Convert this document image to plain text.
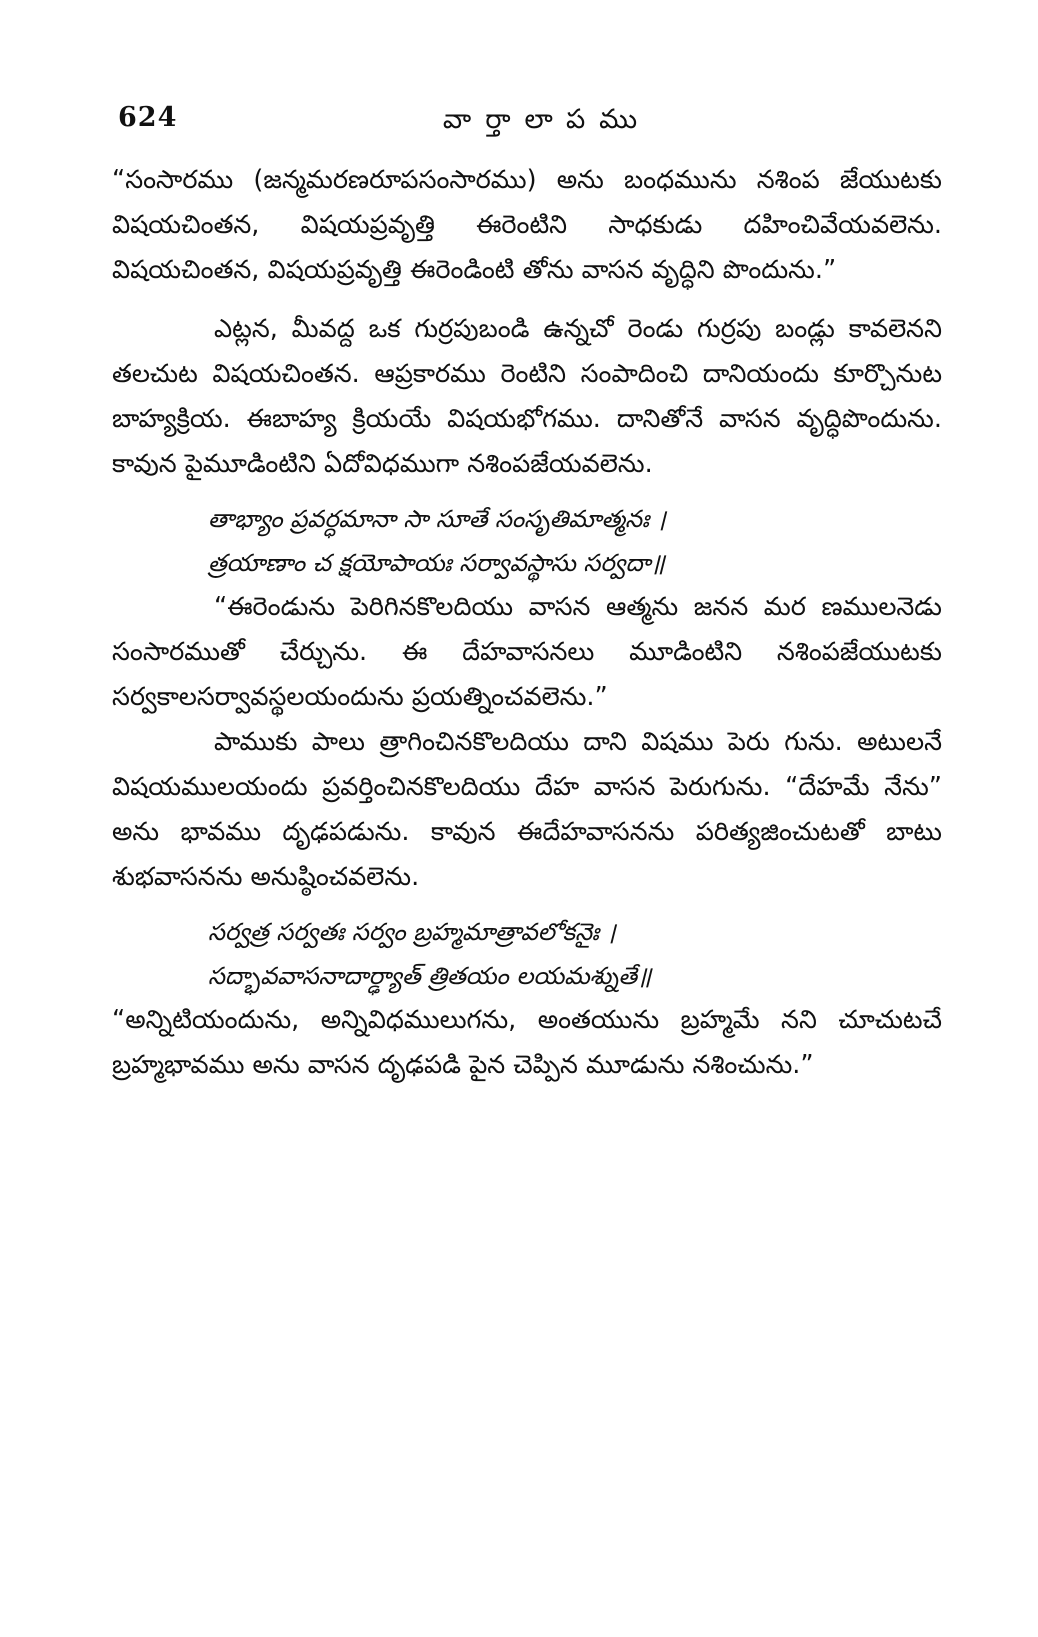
624	వార్తాలాపము

“సంసారము (జన్మమరణరూపసంసారము) అను బంధమును నశింప జేయుటకు విషయచింతన, విషయప్రవృత్తి ఈరెంటిని సాధకుడు దహించివేయవలెను. విషయచింతన, విషయప్రవృత్తి ఈరెండింటి తోను వాసన వృద్ధిని పొందును.”

ఎట్లన, మీవద్ద ఒక గుర్రపుబండి ఉన్నచో రెండు గుర్రపు బండ్లు కావలెనని తలచుట విషయచింతన. ఆప్రకారము రెంటిని సంపాదించి దానియందు కూర్చొనుట బాహ్యక్రియ. ఈబాహ్య క్రియయే విషయభోగము. దానితోనే వాసన వృద్ధిపొందును. కావున పైమూడింటిని ఏదోవిధముగా నశింపజేయవలెను.

తాభ్యాం ప్రవర్ధమానా సా సూతే సంసృతిమాత్మనః ।
త్రయాణాం చ క్షయోపాయః సర్వావస్థాసు సర్వదా॥

“ఈరెండును పెరిగినకొలదియు వాసన ఆత్మను జనన మర ణములనెడు సంసారముతో చేర్చును. ఈ దేహవాసనలు మూడింటిని నశింపజేయుటకు సర్వకాలసర్వావస్థలయందును ప్రయత్నించవలెను.”

పాముకు పాలు త్రాగించినకొలదియు దాని విషము పెరు గును. అటులనే విషయములయందు ప్రవర్తించినకొలదియు దేహ వాసన పెరుగును. “దేహమే నేను” అను భావము దృఢపడును. కావున ఈదేహవాసనను పరిత్యజించుటతో బాటు శుభవాసనను అనుష్ఠించవలెను.

సర్వత్ర సర్వతః సర్వం బ్రహ్మమాత్రావలోకనైః ।
సద్భావవాసనాదార్ఢ్యాత్ త్రితయం లయమశ్నుతే॥

“అన్నిటియందును, అన్నివిధములుగను, అంతయును బ్రహ్మమే నని చూచుటచే బ్రహ్మభావము అను వాసన దృఢపడి పైన చెప్పిన మూడును నశించును.”
